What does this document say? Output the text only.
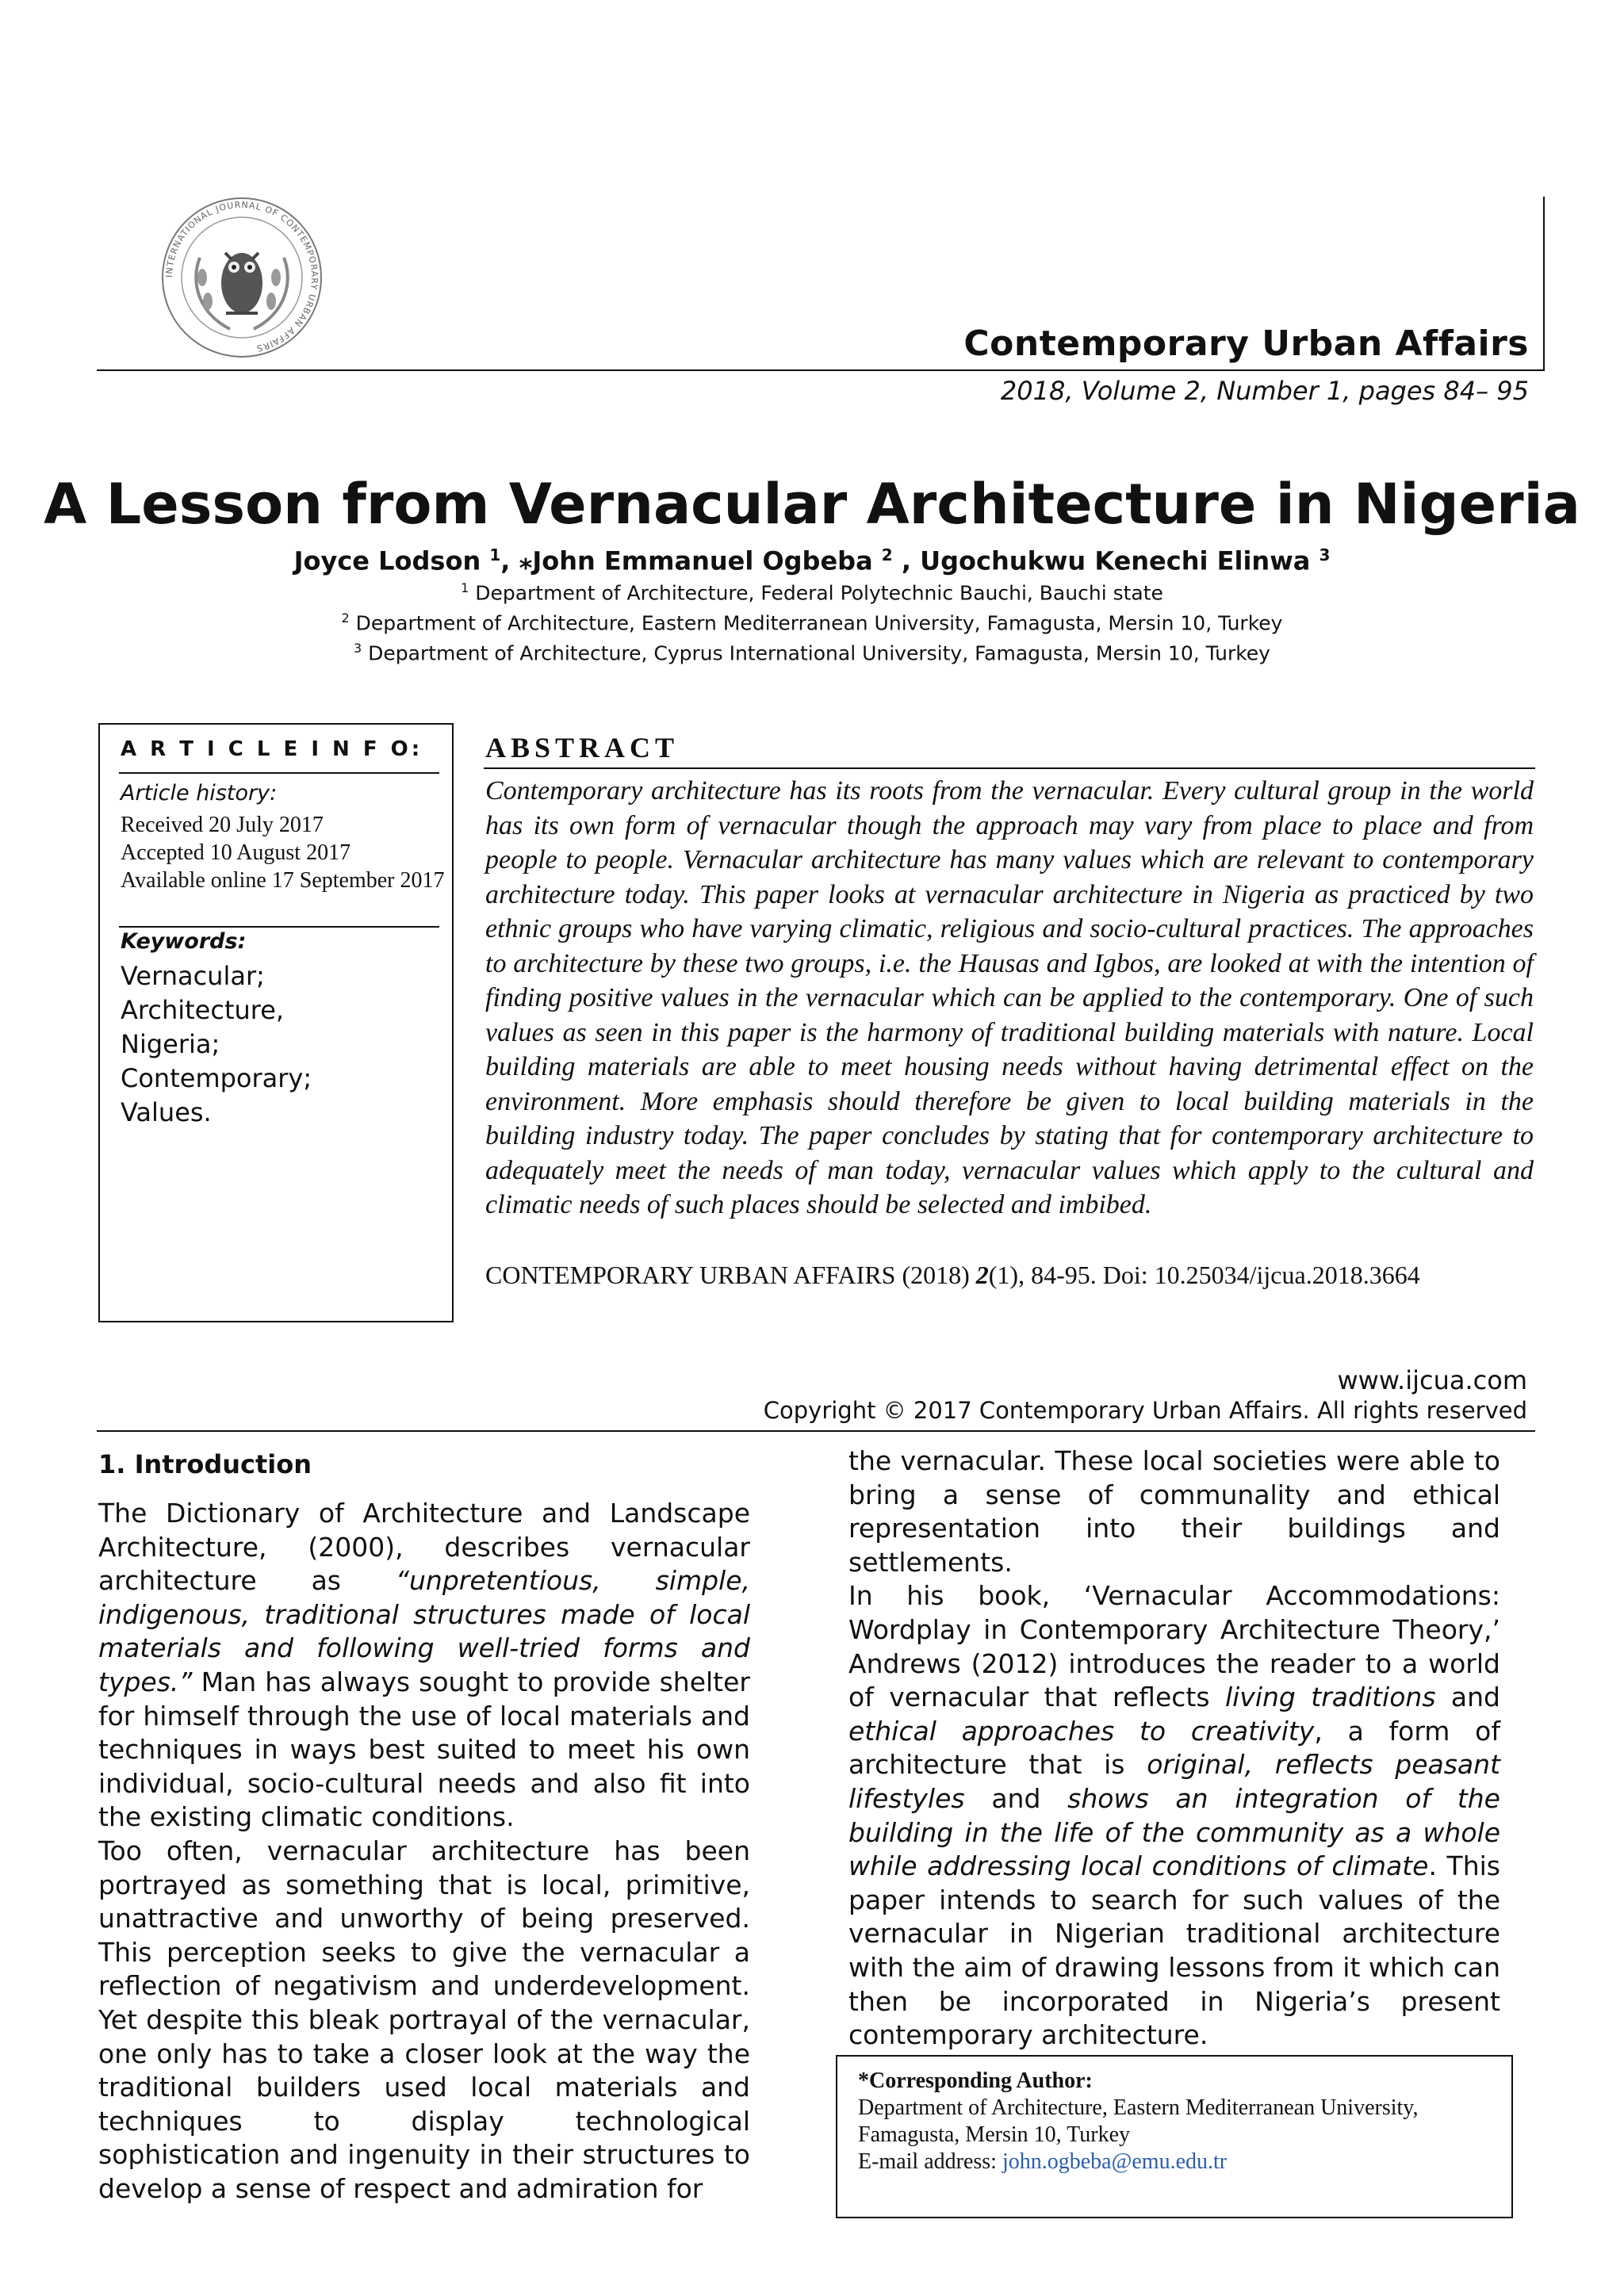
INTERNATIONAL JOURNAL OF CONTEMPORARY URBAN AFFAIRS	Contemporary Urban Affairs
2018, Volume 2, Number 1, pages 84– 95
A Lesson from Vernacular Architecture in Nigeria
Joyce Lodson $^1$, ⁎John Emmanuel Ogbeba $^2$ , Ugochukwu Kenechi Elinwa $^3$
$^1$ Department of Architecture, Federal Polytechnic Bauchi, Bauchi state
$^2$ Department of Architecture, Eastern Mediterranean University, Famagusta, Mersin 10, Turkey
$^3$ Department of Architecture, Cyprus International University, Famagusta, Mersin 10, Turkey
A R T I C L E I N F O:
Article history:
Received 20 July 2017
Accepted 10 August 2017
Available online 17 September 2017
Keywords:
Vernacular;
Architecture,
Nigeria;
Contemporary;
Values.
ABSTRACT
Contemporary architecture has its roots from the vernacular. Every cultural group in the world has its own form of vernacular though the approach may vary from place to place and from people to people. Vernacular architecture has many values which are relevant to contemporary architecture today. This paper looks at vernacular architecture in Nigeria as practiced by two ethnic groups who have varying climatic, religious and socio-cultural practices. The approaches to architecture by these two groups, i.e. the Hausas and Igbos, are looked at with the intention of finding positive values in the vernacular which can be applied to the contemporary. One of such values as seen in this paper is the harmony of traditional building materials with nature. Local building materials are able to meet housing needs without having detrimental effect on the environment. More emphasis should therefore be given to local building materials in the building industry today. The paper concludes by stating that for contemporary architecture to adequately meet the needs of man today, vernacular values which apply to the cultural and climatic needs of such places should be selected and imbibed.
CONTEMPORARY URBAN AFFAIRS (2018) 2(1), 84-95. Doi: 10.25034/ijcua.2018.3664
www.ijcua.com
Copyright © 2017 Contemporary Urban Affairs. All rights reserved
1. Introduction

The Dictionary of Architecture and Landscape Architecture, (2000), describes vernacular architecture as “unpretentious, simple, indigenous, traditional structures made of local materials and following well-tried forms and types.” Man has always sought to provide shelter for himself through the use of local materials and techniques in ways best suited to meet his own individual, socio-cultural needs and also fit into the existing climatic conditions.

Too often, vernacular architecture has been portrayed as something that is local, primitive, unattractive and unworthy of being preserved. This perception seeks to give the vernacular a reflection of negativism and underdevelopment. Yet despite this bleak portrayal of the vernacular, one only has to take a closer look at the way the traditional builders used local materials and techniques to display technological sophistication and ingenuity in their structures to develop a sense of respect and admiration for

the vernacular. These local societies were able to bring a sense of communality and ethical representation into their buildings and settlements.

In his book, ‘Vernacular Accommodations: Wordplay in Contemporary Architecture Theory,’ Andrews (2012) introduces the reader to a world of vernacular that reflects living traditions and ethical approaches to creativity, a form of architecture that is original, reflects peasant lifestyles and shows an integration of the building in the life of the community as a whole while addressing local conditions of climate. This paper intends to search for such values of the vernacular in Nigerian traditional architecture with the aim of drawing lessons from it which can then be incorporated in Nigeria’s present contemporary architecture.

*Corresponding Author:
Department of Architecture, Eastern Mediterranean University, Famagusta, Mersin 10, Turkey
E-mail address: john.ogbeba@emu.edu.tr
